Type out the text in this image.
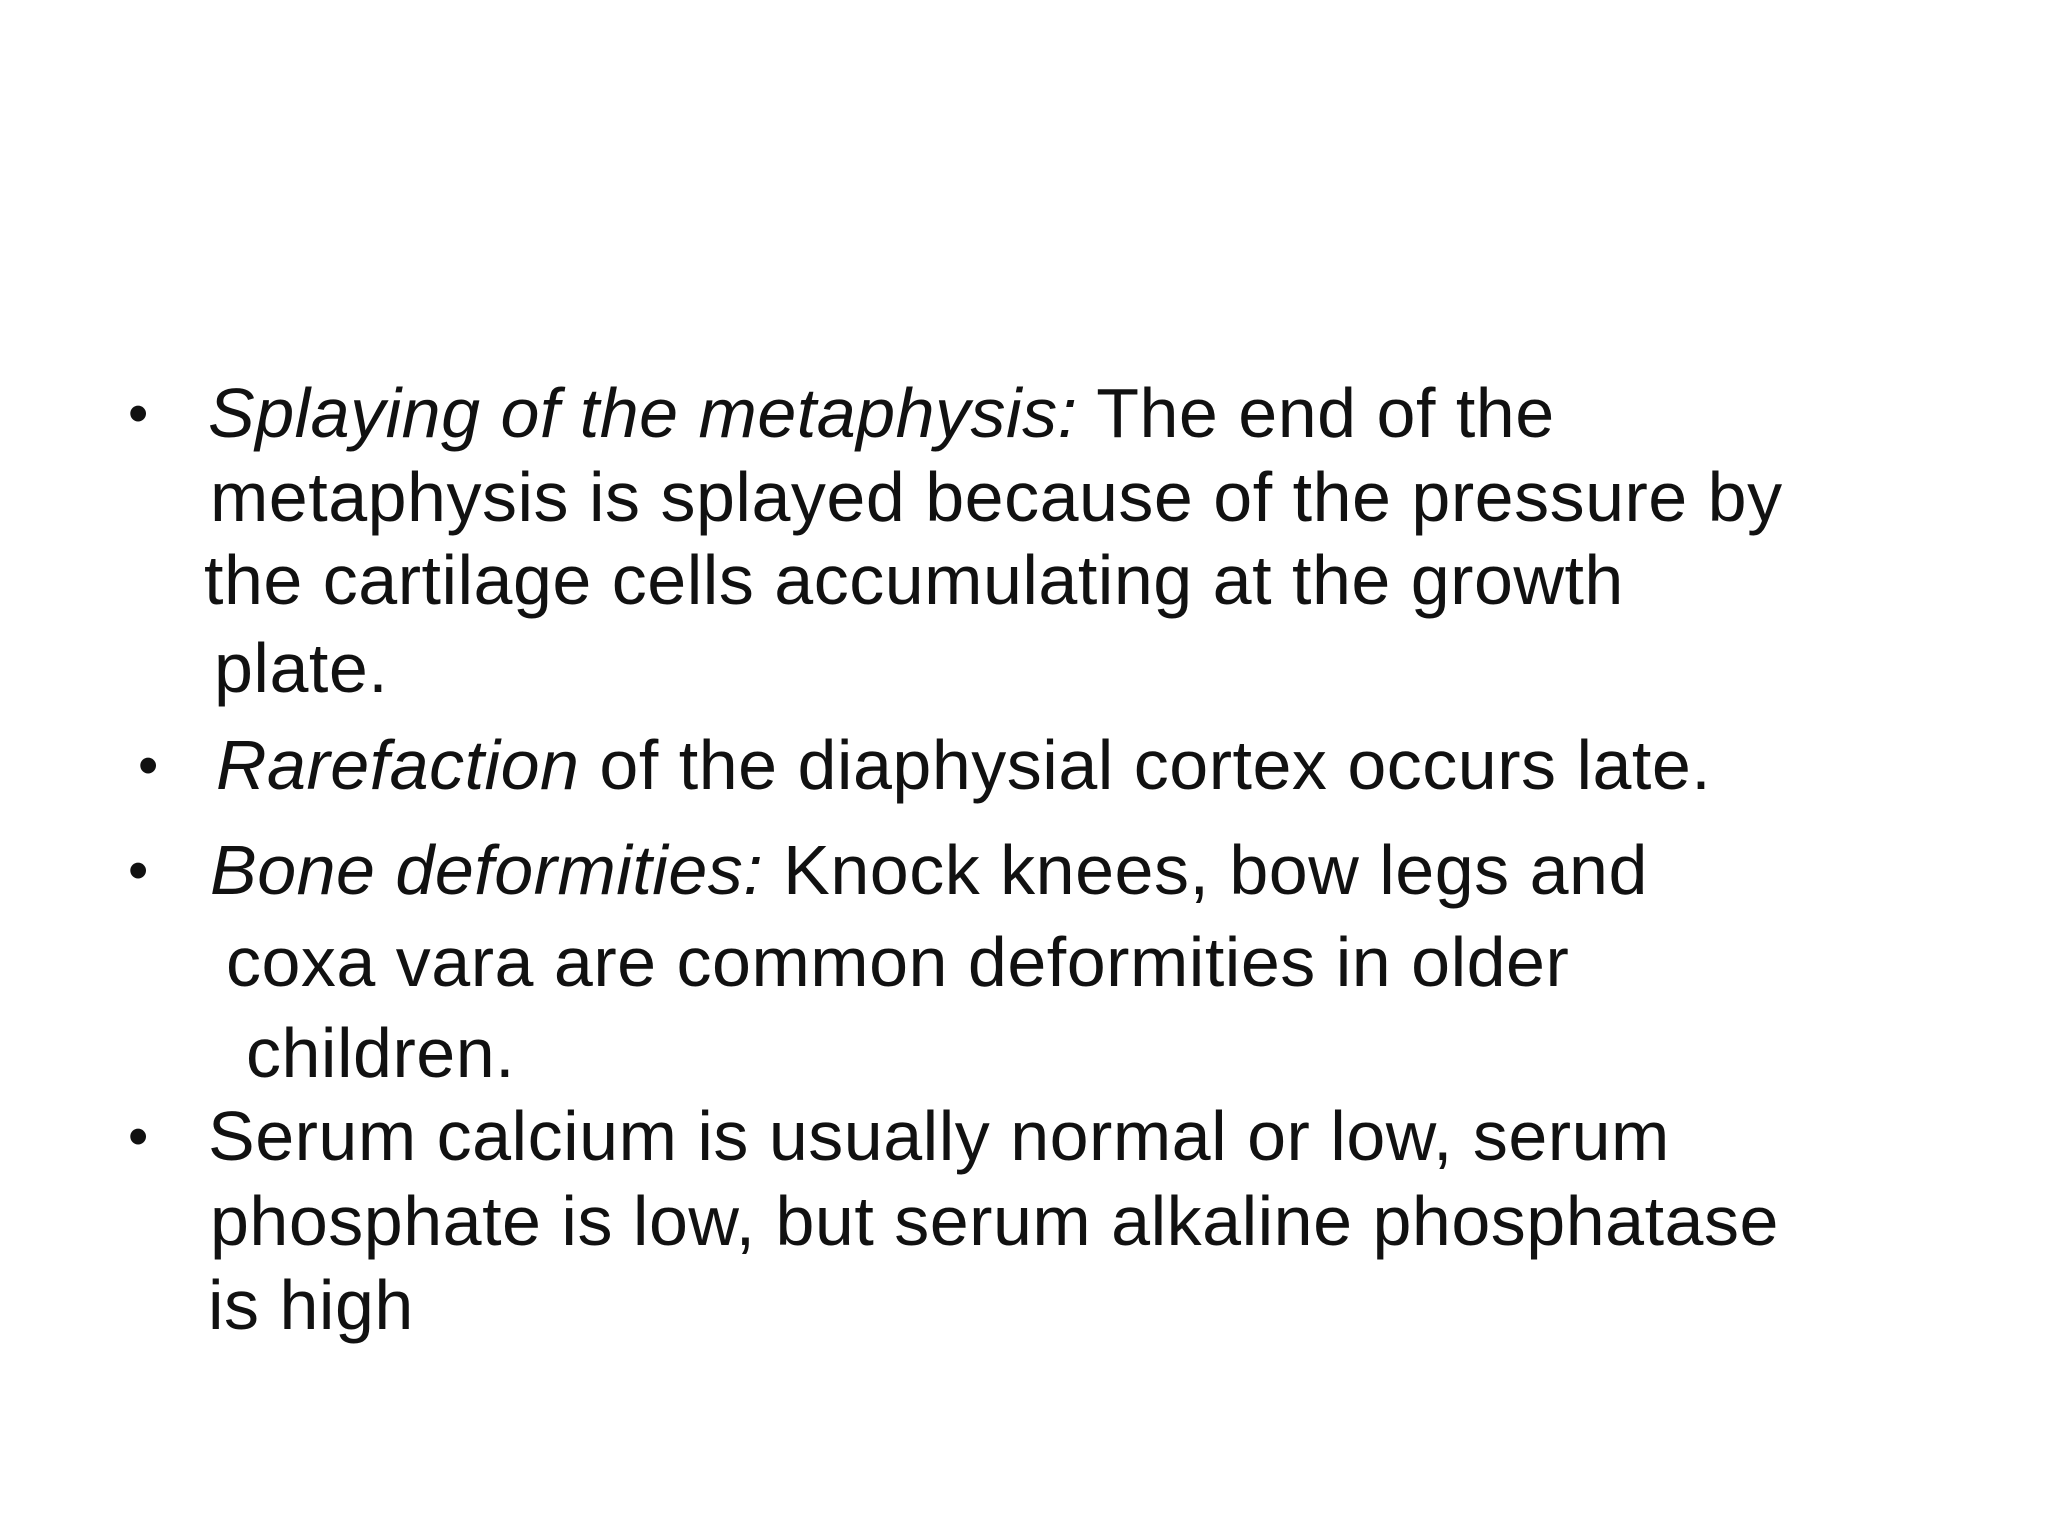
• Splaying of the metaphysis: The end of the
metaphysis is splayed because of the pressure by
the cartilage cells accumulating at the growth
plate.
• Rarefaction of the diaphysial cortex occurs late.
• Bone deformities: Knock knees, bow legs and
coxa vara are common deformities in older
children.
• Serum calcium is usually normal or low, serum
phosphate is low, but serum alkaline phosphatase
is high
